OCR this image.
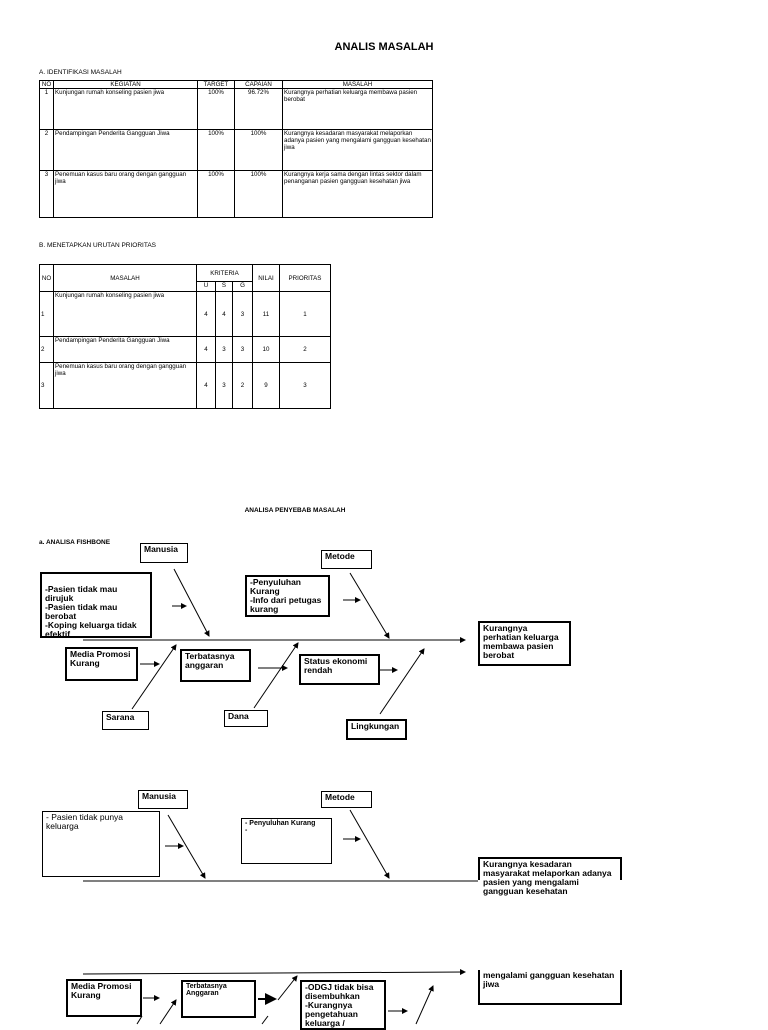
ANALIS MASALAH
A. IDENTIFIKASI MASALAH
NO	KEGIATAN	TARGET	CAPAIAN	MASALAH
1	Kunjungan rumah konseling pasien jiwa	100%	96.72%	Kurangnya perhatian keluarga membawa pasien berobat
2	Pendampingan Penderita Gangguan Jiwa	100%	100%	Kurangnya kesadaran masyarakat melaporkan adanya pasien yang mengalami gangguan kesehatan jiwa
3	Penemuan kasus baru orang dengan gangguan jiwa	100%	100%	Kurangnya kerja sama dengan lintas sektor dalam penanganan pasien gangguan kesehatan jiwa
B. MENETAPKAN URUTAN PRIORITAS
NO	MASALAH	KRITERIA			NILAI	PRIORITAS
		U	S	G		
1	Kunjungan rumah konseling pasien jiwa	4	4	3	11	1
2	Pendampingan Penderita Gangguan Jiwa	4	3	3	10	2
3	Penemuan kasus baru orang dengan gangguan jiwa	4	3	2	9	3
ANALISA PENYEBAB MASALAH
a. ANALISA FISHBONE
Manusia
Metode
-Pasien tidak mau dirujuk
-Pasien tidak mau berobat
-Koping keluarga tidak efektif
-Penyuluhan Kurang
-Info dari petugas kurang
Kurangnya perhatian keluarga membawa pasien berobat
Media Promosi Kurang
Terbatasnya anggaran	Status ekonomi rendah
Sarana	Dana
Lingkungan
Manusia	Metode
- Pasien tidak punya keluarga	- Penyuluhan Kurang
-
Kurangnya kesadaran masyarakat melaporkan adanya pasien yang mengalami gangguan kesehatan
mengalami gangguan kesehatan jiwa
Media Promosi Kurang
Terbatasnya Anggaran
-ODGJ tidak bisa disembuhkan
-Kurangnya pengetahuan keluarga /
